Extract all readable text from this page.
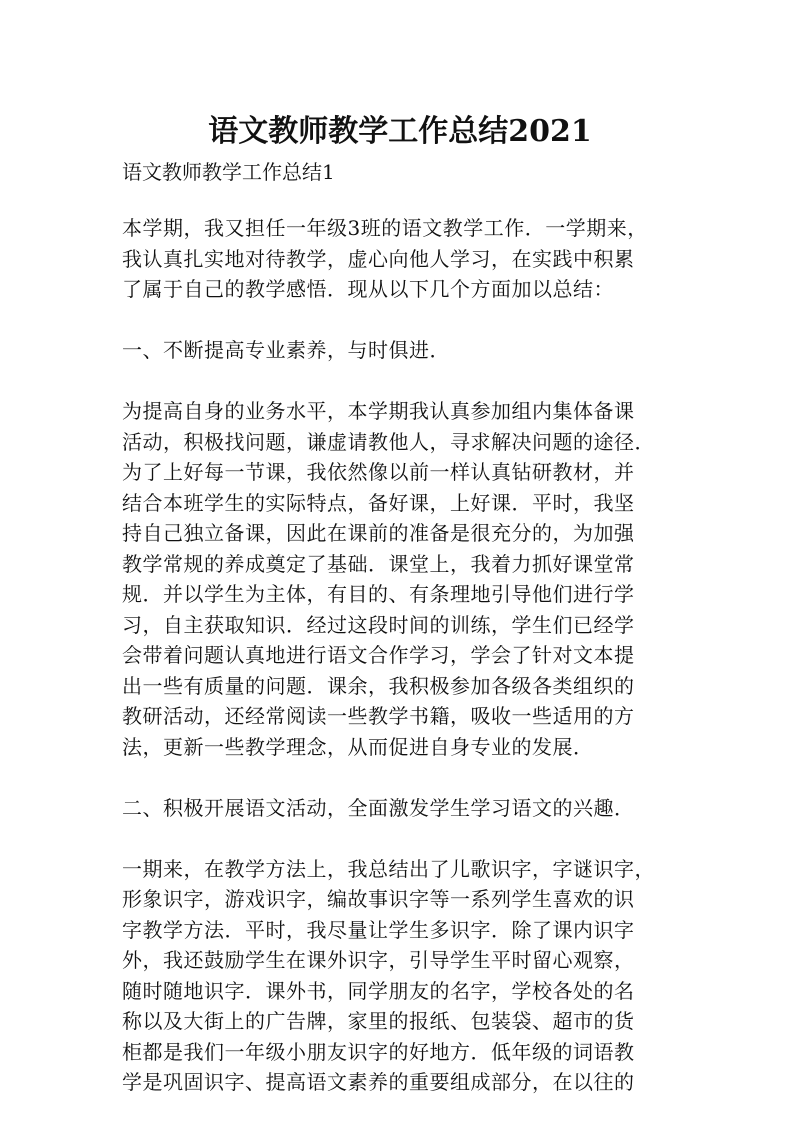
语文教师教学工作总结2021
语文教师教学工作总结1
本学期，我又担任一年级3班的语文教学工作．一学期来，
我认真扎实地对待教学，虚心向他人学习，在实践中积累
了属于自己的教学感悟．现从以下几个方面加以总结：
一、不断提高专业素养，与时俱进．
为提高自身的业务水平，本学期我认真参加组内集体备课
活动，积极找问题，谦虚请教他人，寻求解决问题的途径．
为了上好每一节课，我依然像以前一样认真钻研教材，并
结合本班学生的实际特点，备好课，上好课．平时，我坚
持自己独立备课，因此在课前的准备是很充分的，为加强
教学常规的养成奠定了基础．课堂上，我着力抓好课堂常
规．并以学生为主体，有目的、有条理地引导他们进行学
习，自主获取知识．经过这段时间的训练，学生们已经学
会带着问题认真地进行语文合作学习，学会了针对文本提
出一些有质量的问题．课余，我积极参加各级各类组织的
教研活动，还经常阅读一些教学书籍，吸收一些适用的方
法，更新一些教学理念，从而促进自身专业的发展．
二、积极开展语文活动，全面激发学生学习语文的兴趣．
一期来，在教学方法上，我总结出了儿歌识字，字谜识字，
形象识字，游戏识字，编故事识字等一系列学生喜欢的识
字教学方法．平时，我尽量让学生多识字．除了课内识字
外，我还鼓励学生在课外识字，引导学生平时留心观察，
随时随地识字．课外书，同学朋友的名字，学校各处的名
称以及大街上的广告牌，家里的报纸、包装袋、超市的货
柜都是我们一年级小朋友识字的好地方．低年级的词语教
学是巩固识字、提高语文素养的重要组成部分，在以往的
